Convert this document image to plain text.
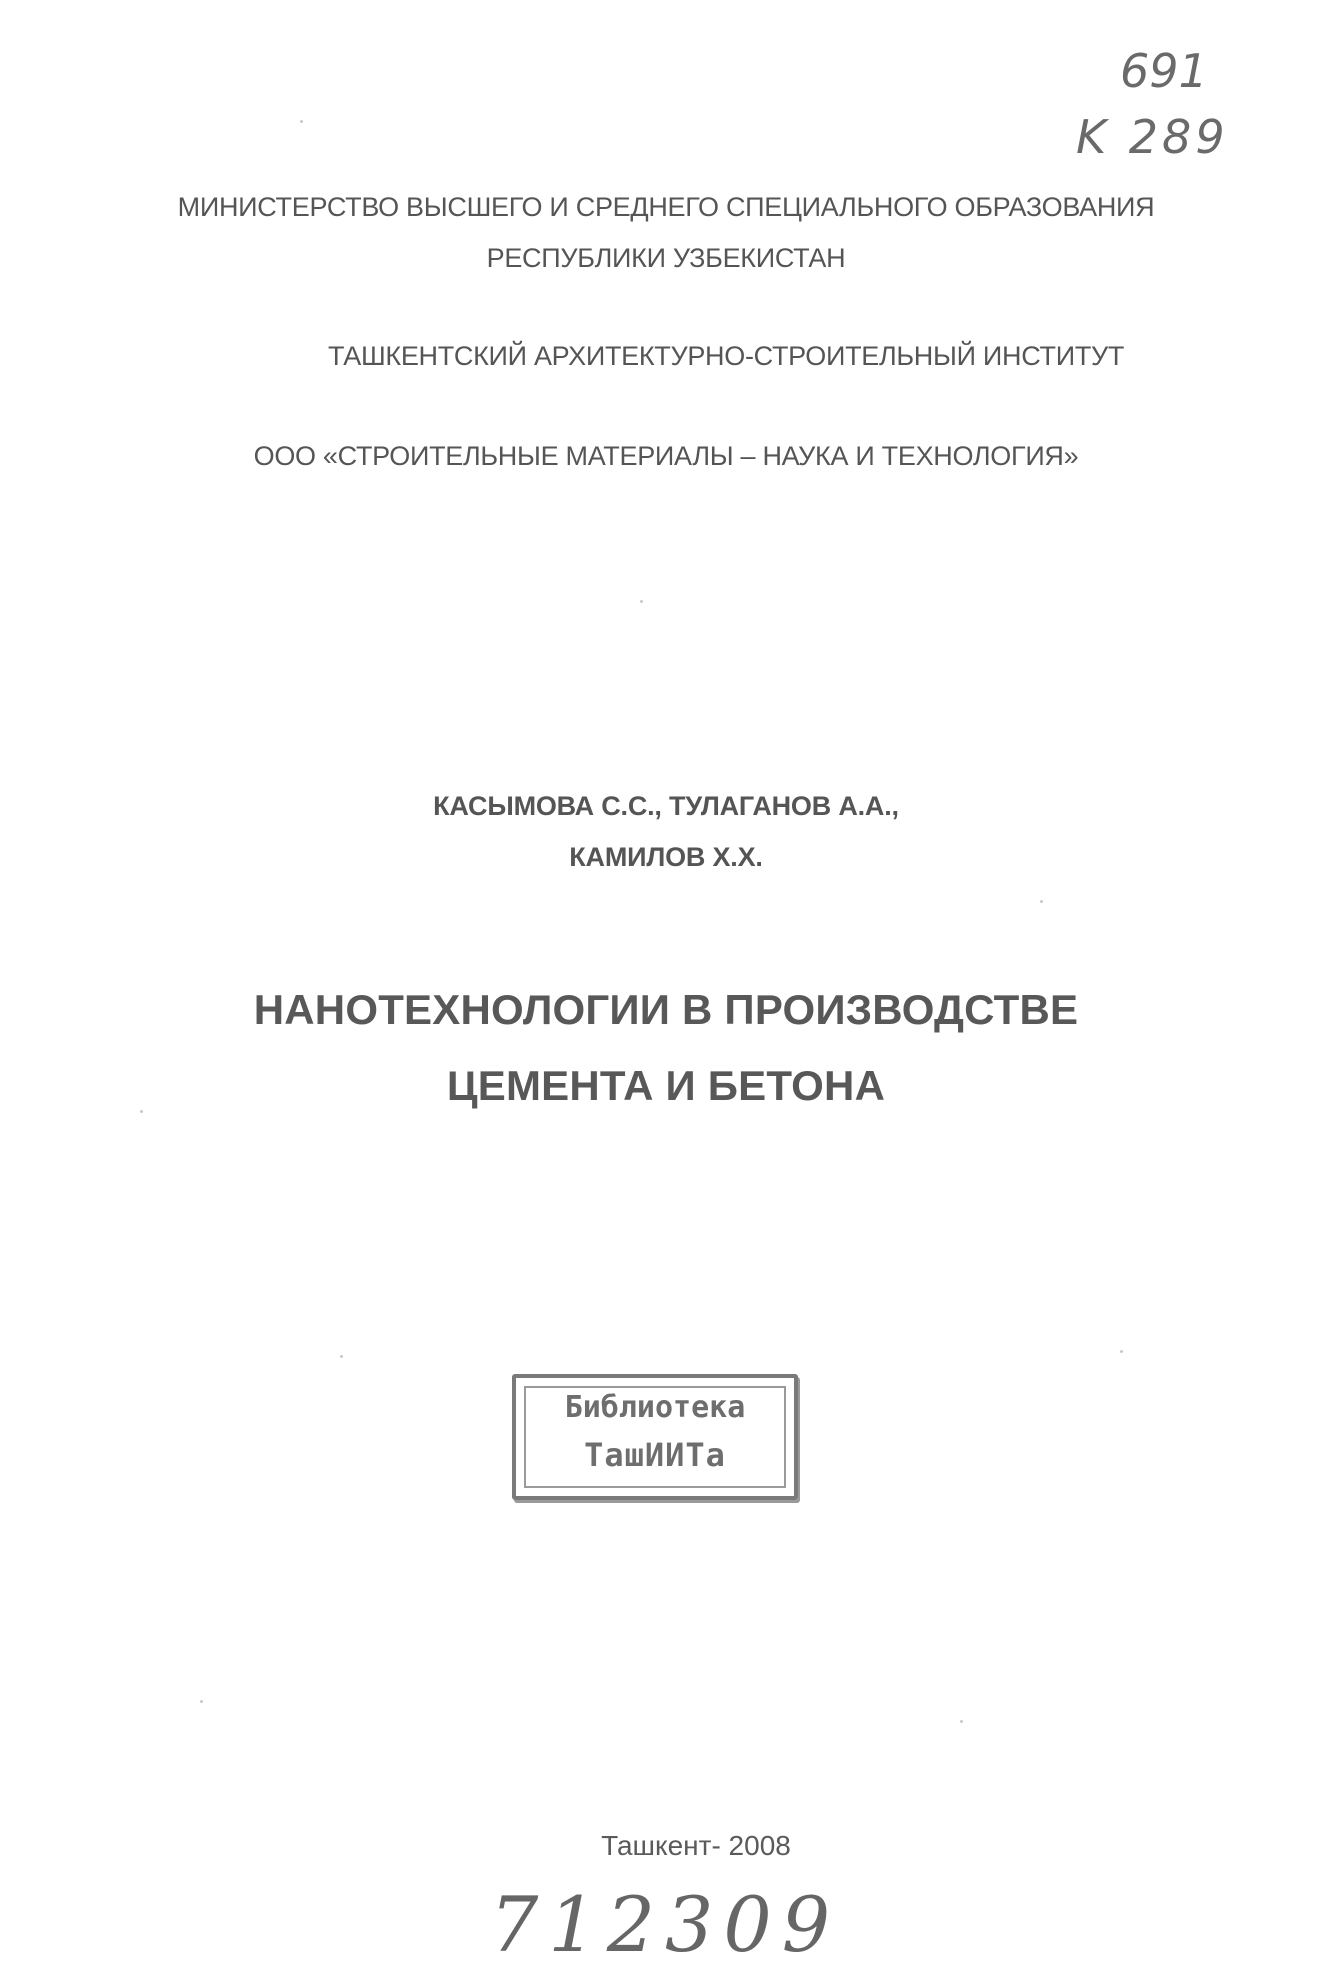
691
K 289
МИНИСТЕРСТВО ВЫСШЕГО И СРЕДНЕГО СПЕЦИАЛЬНОГО ОБРАЗОВАНИЯ
РЕСПУБЛИКИ УЗБЕКИСТАН
ТАШКЕНТСКИЙ АРХИТЕКТУРНО-СТРОИТЕЛЬНЫЙ ИНСТИТУТ
ООО «СТРОИТЕЛЬНЫЕ МАТЕРИАЛЫ – НАУКА И ТЕХНОЛОГИЯ»
КАСЫМОВА С.С., ТУЛАГАНОВ А.А.,
КАМИЛОВ Х.Х.
НАНОТЕХНОЛОГИИ В ПРОИЗВОДСТВЕ
ЦЕМЕНТА И БЕТОНА
Библиотека
ТашИИТа
Ташкент- 2008
712309
